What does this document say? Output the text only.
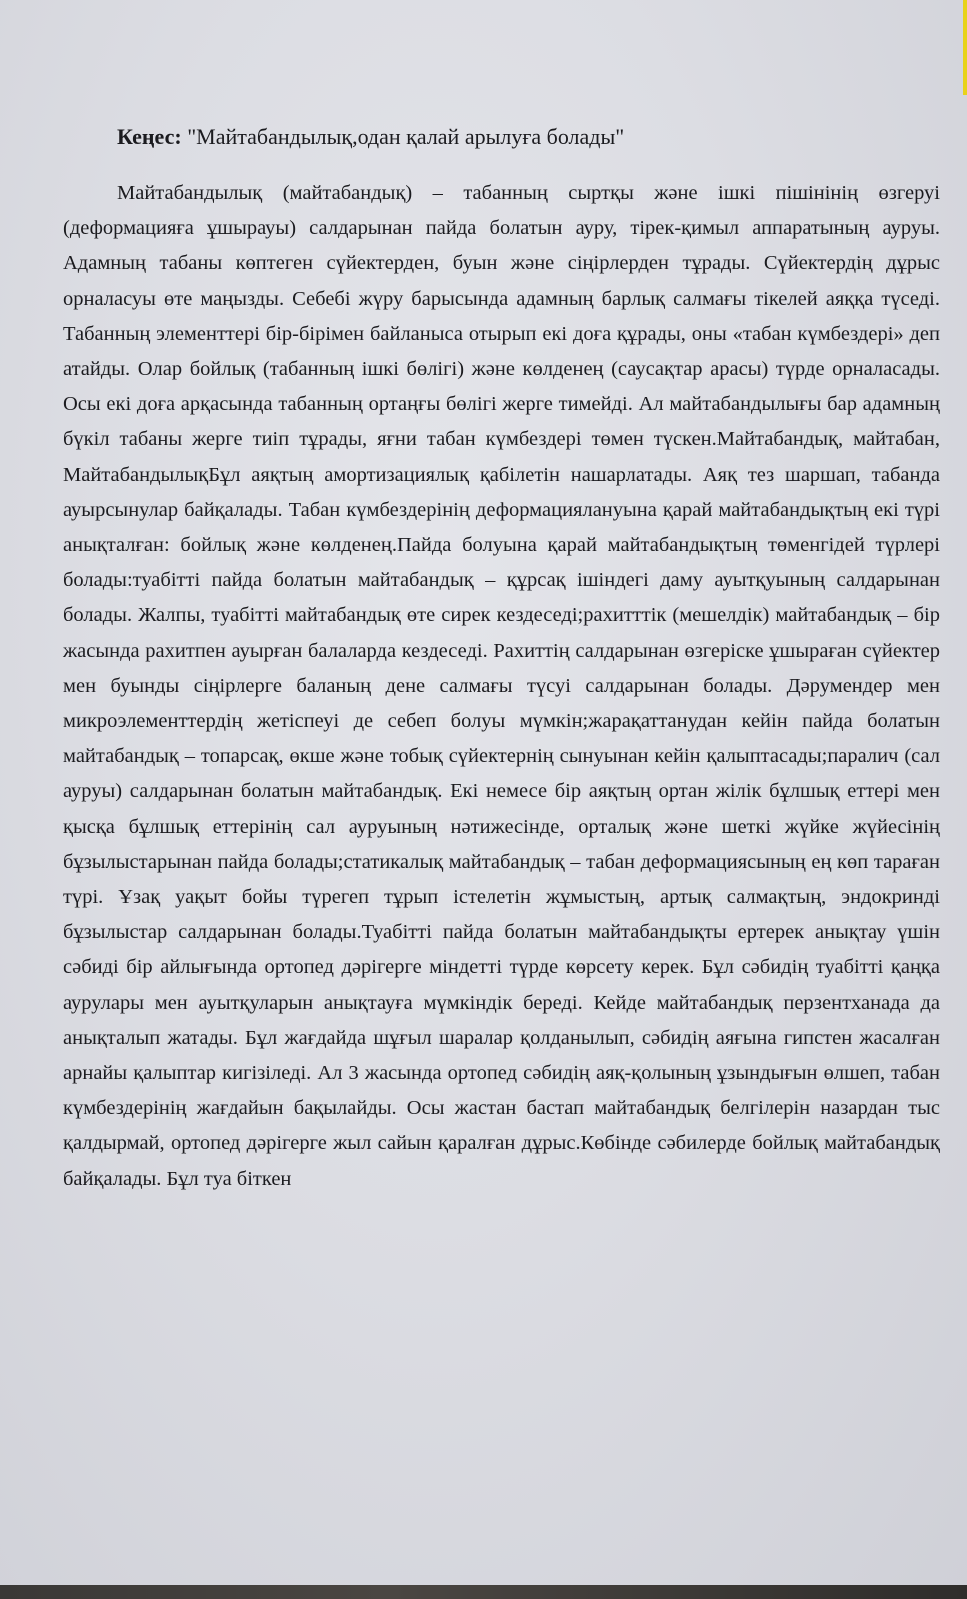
Кеңес: "Майтабандылық,одан қалай арылуға болады"

Майтабандылық (майтабандық) – табанның сыртқы және ішкі пішінінің өзгеруі (деформацияға ұшырауы) салдарынан пайда болатын ауру, тірек-қимыл аппаратының ауруы. Адамның табаны көптеген сүйектерден, буын және сіңірлерден тұрады. Сүйектердің дұрыс орналасуы өте маңызды. Себебі жүру барысында адамның барлық салмағы тікелей аяққа түседі. Табанның элементтері бір-бірімен байланыса отырып екі доға құрады, оны «табан күмбездері» деп атайды. Олар бойлық (табанның ішкі бөлігі) және көлденең (саусақтар арасы) түрде орналасады. Осы екі доға арқасында табанның ортаңғы бөлігі жерге тимейді. Ал майтабандылығы бар адамның бүкіл табаны жерге тиіп тұрады, яғни табан күмбездері төмен түскен.Майтабандық, майтабан, МайтабандылықБұл аяқтың амортизациялық қабілетін нашарлатады. Аяқ тез шаршап, табанда ауырсынулар байқалады. Табан күмбездерінің деформациялануына қарай майтабандықтың екі түрі анықталған: бойлық және көлденең.Пайда болуына қарай майтабандықтың төменгідей түрлері болады:туабітті пайда болатын майтабандық – құрсақ ішіндегі даму ауытқуының салдарынан болады. Жалпы, туабітті майтабандық өте сирек кездеседі;рахитттік (мешелдік) майтабандық – бір жасында рахитпен ауырған балаларда кездеседі. Рахиттің салдарынан өзгеріске ұшыраған сүйектер мен буынды сіңірлерге баланың дене салмағы түсуі салдарынан болады. Дәрумендер мен микроэлементтердің жетіспеуі де себеп болуы мүмкін;жарақаттанудан кейін пайда болатын майтабандық – топарсақ, өкше және тобық сүйектернің сынуынан кейін қалыптасады;паралич (сал ауруы) салдарынан болатын майтабандық. Екі немесе бір аяқтың ортан жілік бұлшық еттері мен қысқа бұлшық еттерінің сал ауруының нәтижесінде, орталық және шеткі жүйке жүйесінің бұзылыстарынан пайда болады;статикалық майтабандық – табан деформациясының ең көп тараған түрі. Ұзақ уақыт бойы түрегеп тұрып істелетін жұмыстың, артық салмақтың, эндокринді бұзылыстар салдарынан болады.Туабітті пайда болатын майтабандықты ертерек анықтау үшін сәбиді бір айлығында ортопед дәрігерге міндетті түрде көрсету керек. Бұл сәбидің туабітті қаңқа аурулары мен ауытқуларын анықтауға мүмкіндік береді. Кейде майтабандық перзентханада да анықталып жатады. Бұл жағдайда шұғыл шаралар қолданылып, сәбидің аяғына гипстен жасалған арнайы қалыптар кигізіледі. Ал 3 жасында ортопед сәбидің аяқ-қолының ұзындығын өлшеп, табан күмбездерінің жағдайын бақылайды. Осы жастан бастап майтабандық белгілерін назардан тыс қалдырмай, ортопед дәрігерге жыл сайын қаралған дұрыс.Көбінде сәбилерде бойлық майтабандық байқалады. Бұл туа біткен
